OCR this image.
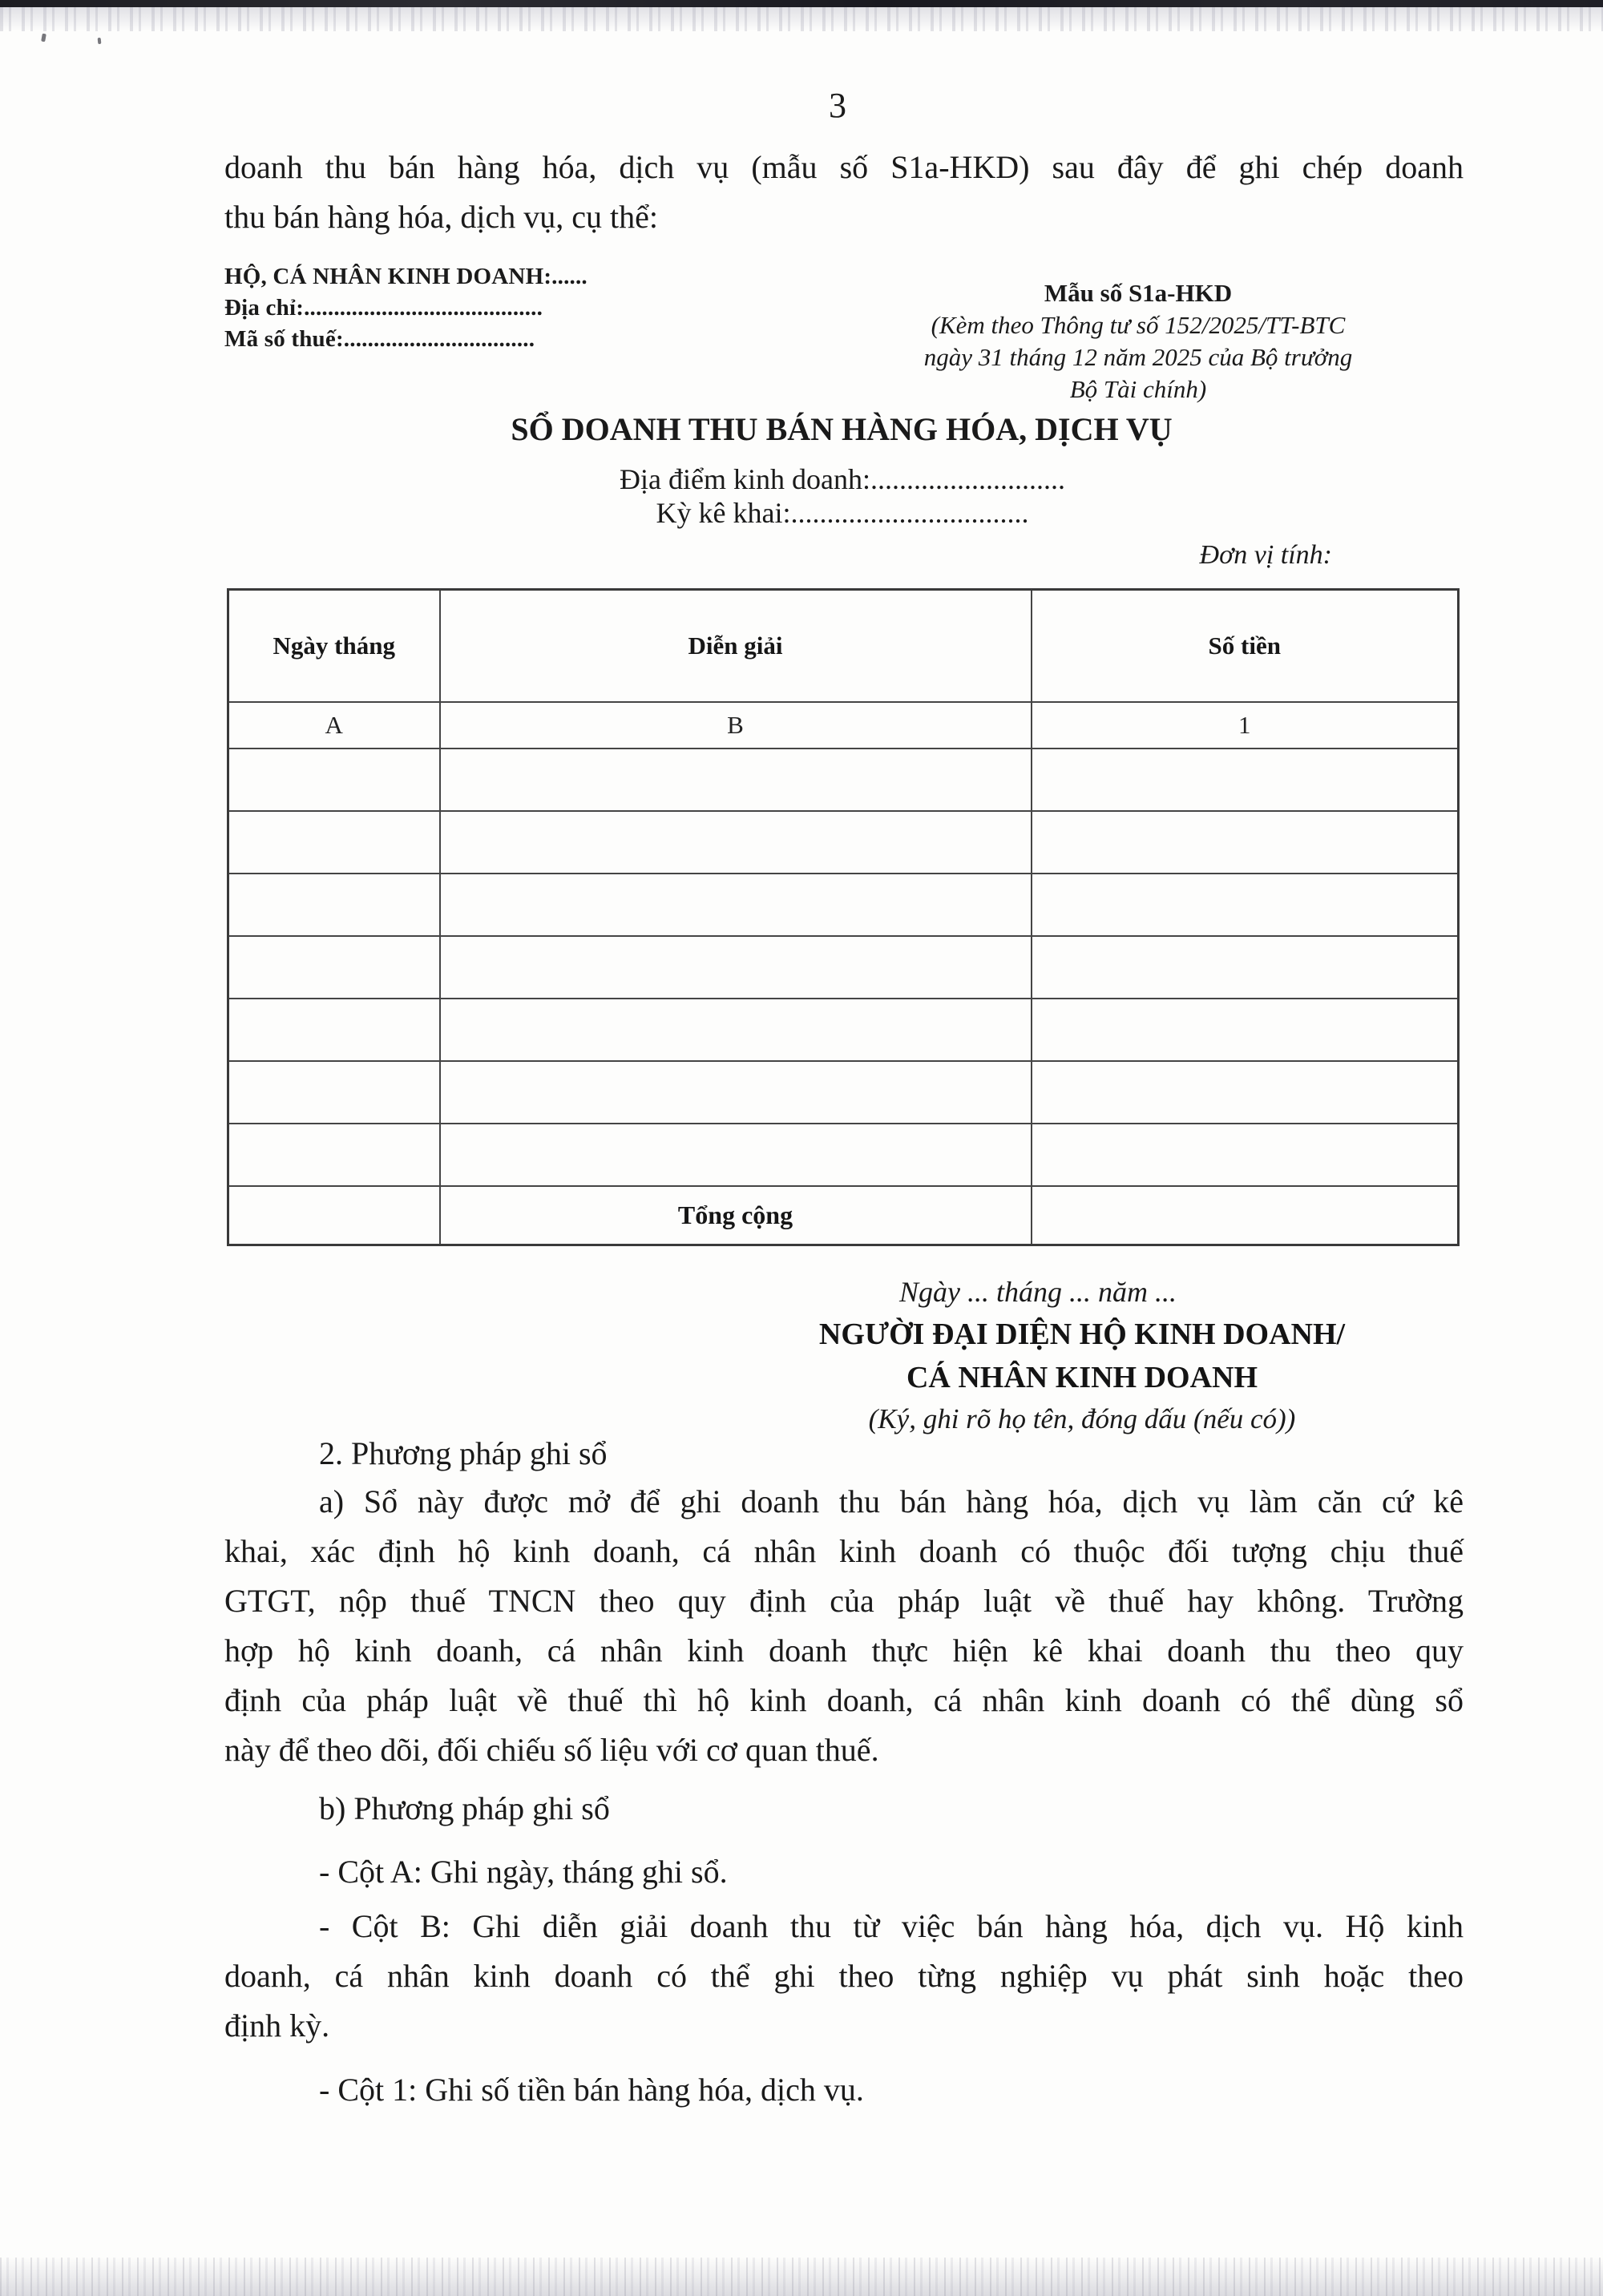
3
doanh thu bán hàng hóa, dịch vụ (mẫu số S1a-HKD) sau đây để ghi chép doanh
thu bán hàng hóa, dịch vụ, cụ thể:
HỘ, CÁ NHÂN KINH DOANH:......
Địa chỉ:........................................
Mã số thuế:................................
Mẫu số S1a-HKD
(Kèm theo Thông tư số 152/2025/TT-BTC
ngày 31 tháng 12 năm 2025 của Bộ trưởng
Bộ Tài chính)
SỔ DOANH THU BÁN HÀNG HÓA, DỊCH VỤ
Địa điểm kinh doanh:...........................
Kỳ kê khai:.................................
Đơn vị tính:
Ngày tháng	Diễn giải	Số tiền
A	B	1

	Tổng cộng	
Ngày ... tháng ... năm ...
NGƯỜI ĐẠI DIỆN HỘ KINH DOANH/
CÁ NHÂN KINH DOANH
(Ký, ghi rõ họ tên, đóng dấu (nếu có))
2. Phương pháp ghi sổ
a) Sổ này được mở để ghi doanh thu bán hàng hóa, dịch vụ làm căn cứ kê
khai, xác định hộ kinh doanh, cá nhân kinh doanh có thuộc đối tượng chịu thuế
GTGT, nộp thuế TNCN theo quy định của pháp luật về thuế hay không. Trường
hợp hộ kinh doanh, cá nhân kinh doanh thực hiện kê khai doanh thu theo quy
định của pháp luật về thuế thì hộ kinh doanh, cá nhân kinh doanh có thể dùng sổ
này để theo dõi, đối chiếu số liệu với cơ quan thuế.
b) Phương pháp ghi sổ
- Cột A: Ghi ngày, tháng ghi sổ.
- Cột B: Ghi diễn giải doanh thu từ việc bán hàng hóa, dịch vụ. Hộ kinh
doanh, cá nhân kinh doanh có thể ghi theo từng nghiệp vụ phát sinh hoặc theo
định kỳ.
- Cột 1: Ghi số tiền bán hàng hóa, dịch vụ.
